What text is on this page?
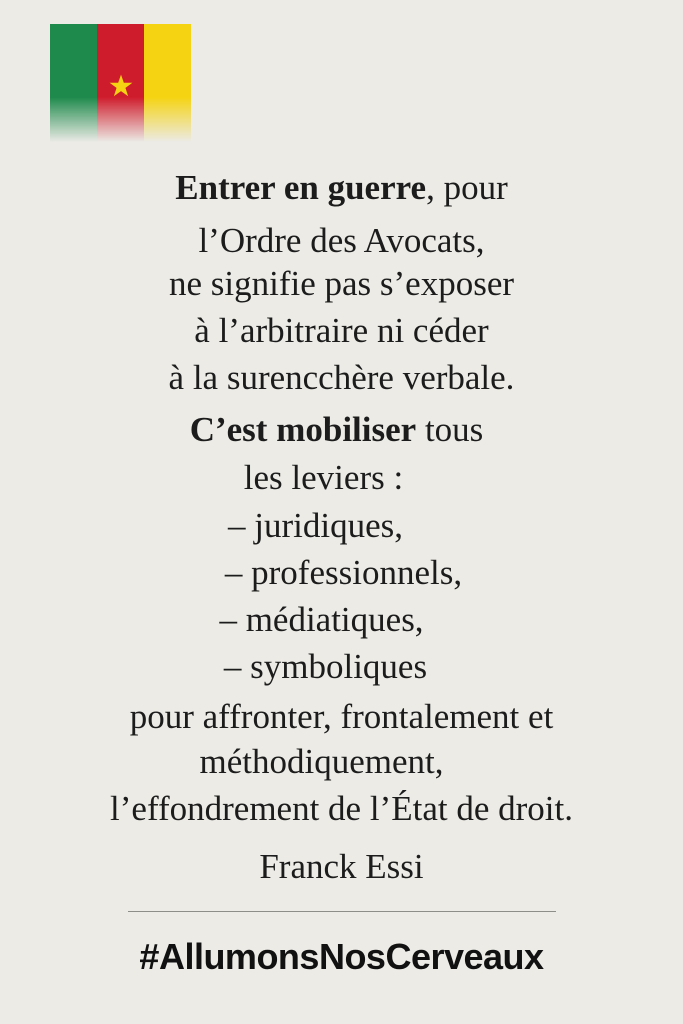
Entrer en guerre, pour
l’Ordre des Avocats,
ne signifie pas s’exposer
à l’arbitraire ni céder
à la surencchère verbale.
C’est mobiliser tous
les leviers :
– juridiques,
– professionnels,
– médiatiques,
– symboliques
pour affronter, frontalement et
méthodiquement,
l’effondrement de l’État de droit.
Franck Essi
#AllumonsNosCerveaux
